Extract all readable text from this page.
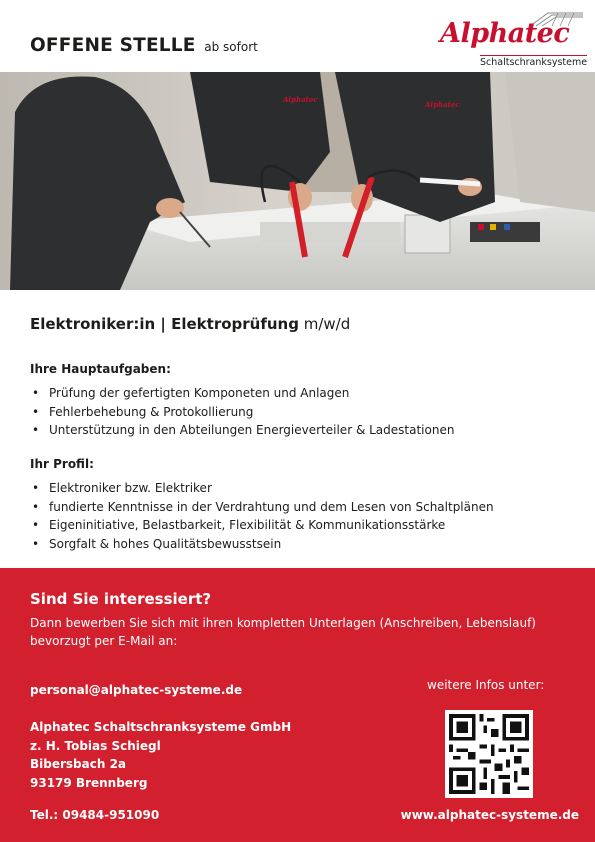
OFFENE STELLE ab sofort	Alphatec
Schaltschranksysteme
Alphatec
Alphatec
Elektroniker:in | Elektroprüfung m/w/d
Ihre Hauptaufgaben:
• Prüfung der gefertigten Komponeten und Anlagen
• Fehlerbehebung & Protokollierung
• Unterstützung in den Abteilungen Energieverteiler & Ladestationen
Ihr Profil:
• Elektroniker bzw. Elektriker
• fundierte Kenntnisse in der Verdrahtung und dem Lesen von Schaltplänen
• Eigeninitiative, Belastbarkeit, Flexibilität & Kommunikationsstärke
• Sorgfalt & hohes Qualitätsbewusstsein
Sind Sie interessiert?
Dann bewerben Sie sich mit ihren kompletten Unterlagen (Anschreiben, Lebenslauf) bevorzugt per E-Mail an:
personal@alphatec-systeme.de
Alphatec Schaltschranksysteme GmbH
z. H. Tobias Schiegl
Bibersbach 2a
93179 Brennberg
Tel.: 09484-951090
weitere Infos unter:
www.alphatec-systeme.de
